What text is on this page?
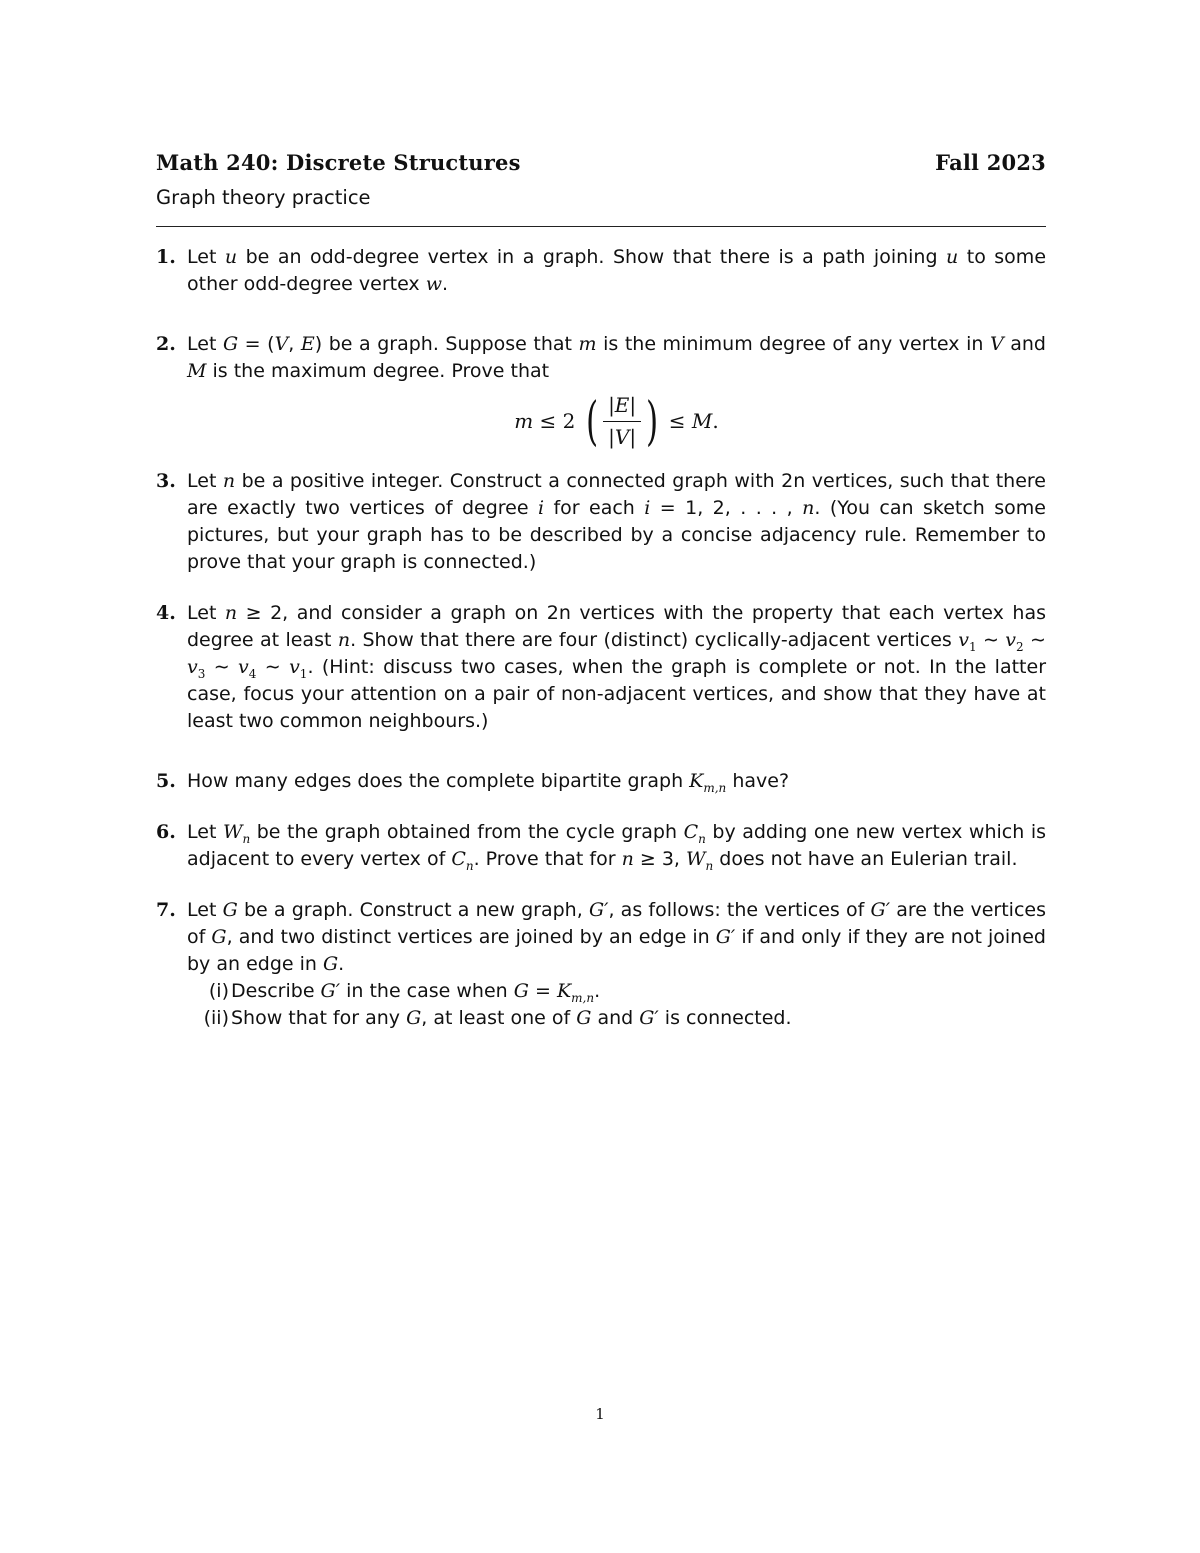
Math 240: Discrete Structures	Fall 2023
Graph theory practice
1. Let u be an odd-degree vertex in a graph. Show that there is a path joining u to some other odd-degree vertex w.
2. Let G = (V, E) be a graph. Suppose that m is the minimum degree of any vertex in V and M is the maximum degree. Prove that
m ≤ 2 ( $\frac{|E|}{|V|}$ ) ≤ M.
3. Let n be a positive integer. Construct a connected graph with 2n vertices, such that there are exactly two vertices of degree i for each i = 1, 2, . . . , n. (You can sketch some pictures, but your graph has to be described by a concise adjacency rule. Remember to prove that your graph is connected.)
4. Let n ≥ 2, and consider a graph on 2n vertices with the property that each vertex has degree at least n. Show that there are four (distinct) cyclically-adjacent vertices $v_1$ ∼ $v_2$ ∼ $v_3$ ∼ $v_4$ ∼ $v_1$. (Hint: discuss two cases, when the graph is complete or not. In the latter case, focus your attention on a pair of non-adjacent vertices, and show that they have at least two common neighbours.)
5. How many edges does the complete bipartite graph $K_{m,n}$ have?
6. Let $W_n$ be the graph obtained from the cycle graph $C_n$ by adding one new vertex which is adjacent to every vertex of $C_n$. Prove that for n ≥ 3, $W_n$ does not have an Eulerian trail.
7. Let G be a graph. Construct a new graph, G′, as follows: the vertices of G′ are the vertices of G, and two distinct vertices are joined by an edge in G′ if and only if they are not joined by an edge in G.
(i) Describe G′ in the case when $G = K_{m,n}$.
(ii) Show that for any G, at least one of G and G′ is connected.
1
